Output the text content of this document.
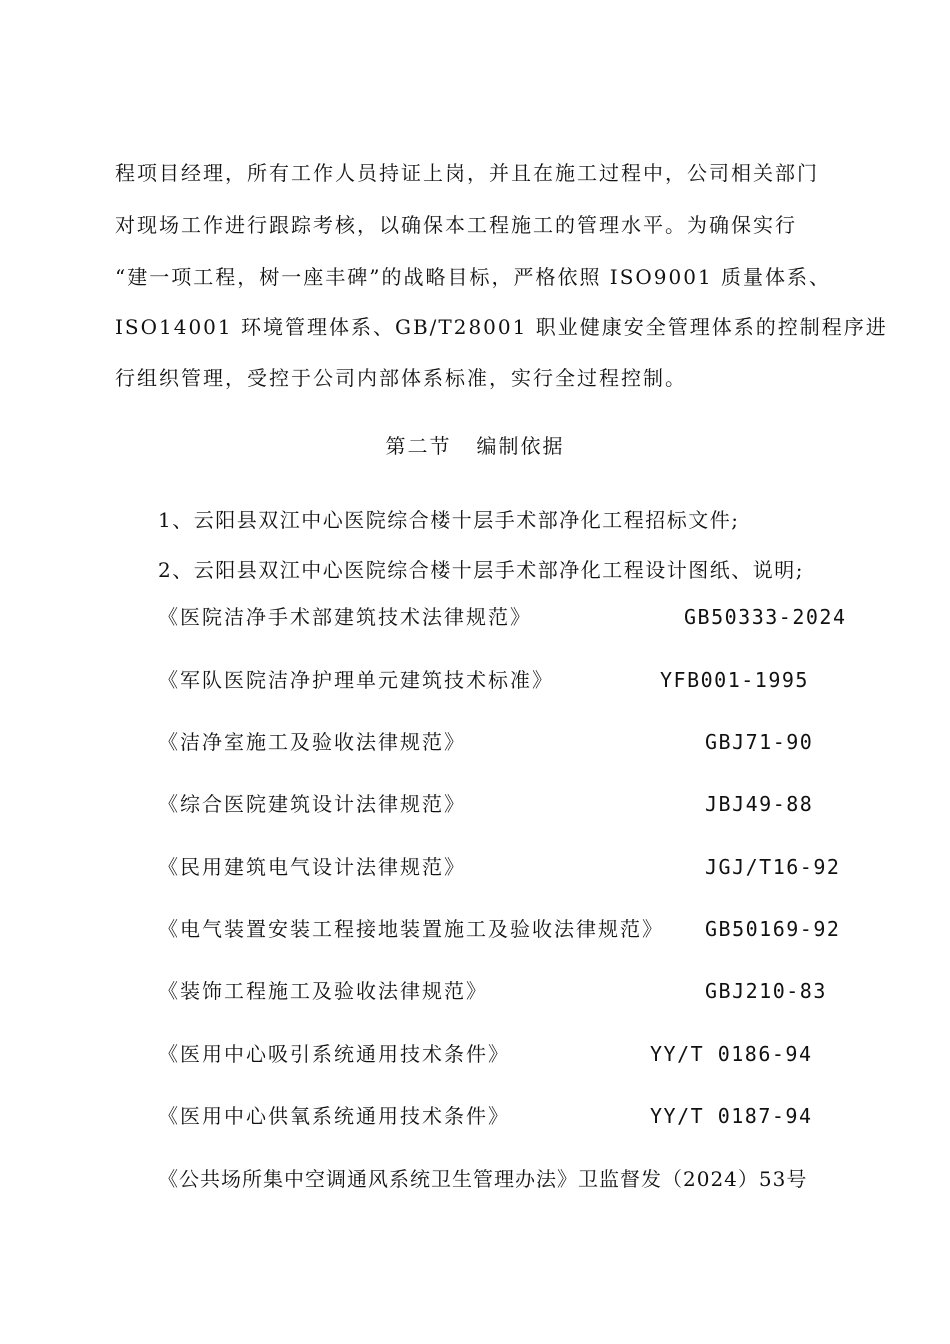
程项目经理，所有工作人员持证上岗，并且在施工过程中，公司相关部门
对现场工作进行跟踪考核，以确保本工程施工的管理水平。为确保实行
“建一项工程，树一座丰碑”的战略目标，严格依照 ISO9001 质量体系、
ISO14001 环境管理体系、GB/T28001 职业健康安全管理体系的控制程序进
行组织管理，受控于公司内部体系标准，实行全过程控制。
第二节   编制依据
1、云阳县双江中心医院综合楼十层手术部净化工程招标文件;
2、云阳县双江中心医院综合楼十层手术部净化工程设计图纸、说明;
《医院洁净手术部建筑技术法律规范》	GB50333-2024
《军队医院洁净护理单元建筑技术标准》	YFB001-1995
《洁净室施工及验收法律规范》	GBJ71-90
《综合医院建筑设计法律规范》	JBJ49-88
《民用建筑电气设计法律规范》	JGJ/T16-92
《电气装置安装工程接地装置施工及验收法律规范》 GB50169-92
《装饰工程施工及验收法律规范》	GBJ210-83
《医用中心吸引系统通用技术条件》	YY/T 0186-94
《医用中心供氧系统通用技术条件》	YY/T 0187-94
《公共场所集中空调通风系统卫生管理办法》卫监督发（2024）53号
